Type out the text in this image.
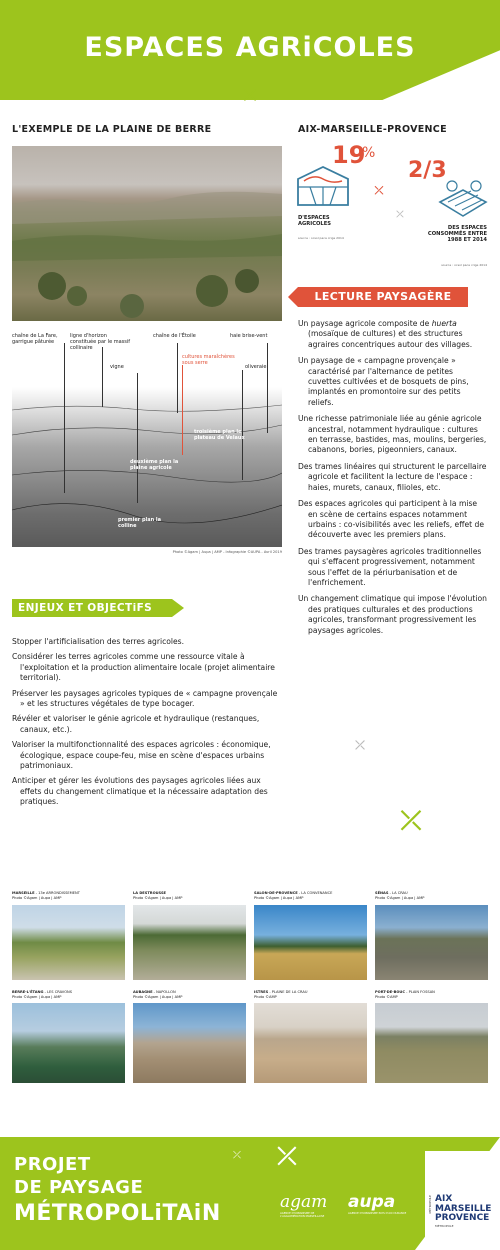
ESPACES AGRiCOLES
⤫
L'EXEMPLE DE LA PLAINE DE BERRE
chaîne de La Fare, garrigue pâturée
ligne d'horizon constituée par le massif collinaire
chaîne de l'Étoile	haie brise-vent
cultures maraîchères sous serre
vigne	oliveraie
troisième plan le plateau de Velaux
deuxième plan la plaine agricole
premier plan la colline
Photo ©Agam | Aupa | AMP - Infographie ©AUPA - Avril 2019
AIX-MARSEILLE-PROVENCE
19
%
D'ESPACES AGRICOLES
source : ocsol paca crige 2014
2/3
DES ESPACES CONSOMMÉS ENTRE 1988 ET 2014
source : ocsol paca crige 2014
⤫
⤫
LECTURE PAYSAGÈRE

Un paysage agricole composite de huerta (mosaïque de cultures) et des structures agraires concentriques autour des villages.

Un paysage de « campagne provençale » caractérisé par l'alternance de petites cuvettes cultivées et de bosquets de pins, implantés en promontoire sur des petits reliefs.

Une richesse patrimoniale liée au génie agricole ancestral, notamment hydraulique : cultures en terrasse, bastides, mas, moulins, bergeries, cabanons, bories, pigeonniers, canaux.

Des trames linéaires qui structurent le parcellaire agricole et facilitent la lecture de l'espace : haies, murets, canaux, filioles, etc.

Des espaces agricoles qui participent à la mise en scène de certains espaces notamment urbains : co-visibilités avec les reliefs, effet de découverte avec les premiers plans.

Des trames paysagères agricoles traditionnelles qui s'effacent progressivement, notamment sous l'effet de la périurbanisation et de l'enfrichement.

Un changement climatique qui impose l'évolution des pratiques culturales et des productions agricoles, transformant progressivement les paysages agricoles.

ENJEUX ET OBJECTiFS

Stopper l'artificialisation des terres agricoles.

Considérer les terres agricoles comme une ressource vitale à l'exploitation et la production alimentaire locale (projet alimentaire territorial).

Préserver les paysages agricoles typiques de « campagne provençale » et les structures végétales de type bocager.

Révéler et valoriser le génie agricole et hydraulique (restanques, canaux, etc.).

Valoriser la multifonctionnalité des espaces agricoles : économique, écologique, espace coupe-feu, mise en scène d'espaces urbains patrimoniaux.

Anticiper et gérer les évolutions des paysages agricoles liées aux effets du changement climatique et la nécessaire adaptation des pratiques.

⤫
⤫
MARSEILLE - 13e ARRONDISSEMENT
Photo ©Agam | Aupa | AMP
LA DESTROUSSE
Photo ©Agam | Aupa | AMP
SALON-DE-PROVENCE - LA CONVENANCE
Photo ©Agam | Aupa | AMP
SÉNAS - LA CRAU
Photo ©Agam | Aupa | AMP
BERRE-L'ÉTANG - LES CRAVONS
Photo ©Agam | Aupa | AMP
AUBAGNE - NAPOLLON
Photo ©Agam | Aupa | AMP
ISTRES - PLAINE DE LA CRAU
Photo ©AMP
PORT-DE-BOUC - PLAIN FOSSAN
Photo ©AMP
PROJET
DE PAYSAGE
MÉTROPOLiTAiN
⤫
⤫
agam
AGENCE D'URBANISME DE L'AGGLOMÉRATION MARSEILLAISE
aupa
AGENCE D'URBANISME PAYS D'AIX DURANCE	MÉTROPOLE AIX
MARSEILLE
PROVENCE
MÉTROPOLE
